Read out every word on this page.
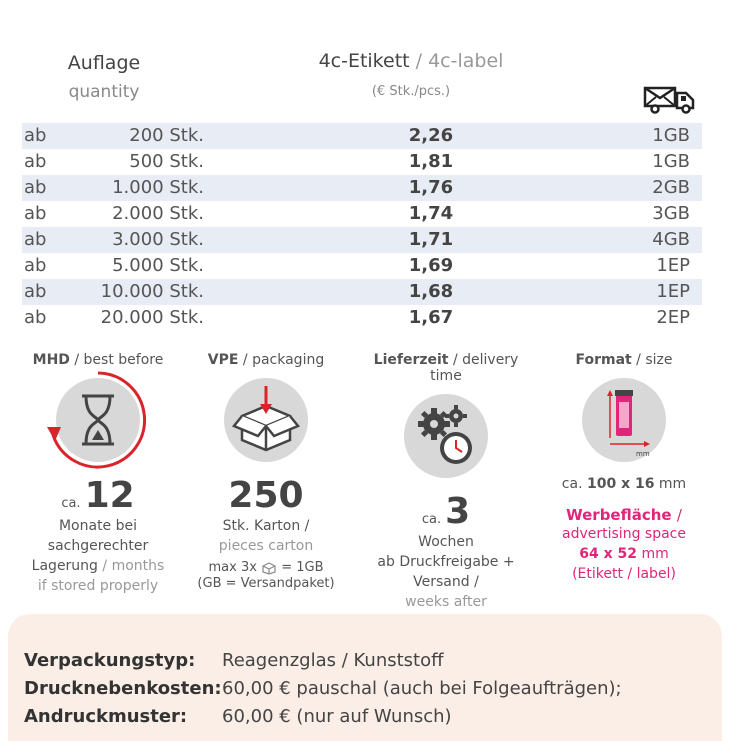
Auflage
quantity
4c-Etikett / 4c-label
(€ Stk./pcs.)
ab	200 Stk.	2,26	1GB
ab	500 Stk.	1,81	1GB
ab	1.000 Stk.	1,76	2GB
ab	2.000 Stk.	1,74	3GB
ab	3.000 Stk.	1,71	4GB
ab	5.000 Stk.	1,69	1EP
ab	10.000 Stk.	1,68	1EP
ab	20.000 Stk.	1,67	2EP
MHD / best before
ca. 12
Monate bei
sachgerechter
Lagerung / months
if stored properly
VPE / packaging
250
Stk. Karton /
pieces carton
max 3x = 1GB
(GB = Versandpaket)
Lieferzeit / delivery time
ca. 3
Wochen
ab Druckfreigabe + Versand /
weeks after
Format / size
mm
ca. 100 x 16 mm
Werbefläche /
advertising space
64 x 52 mm
(Etikett / label)
Verpackungstyp: Reagenzglas / Kunststoff
Drucknebenkosten:60,00 € pauschal (auch bei Folgeaufträgen);
Andruckmuster: 60,00 € (nur auf Wunsch)
